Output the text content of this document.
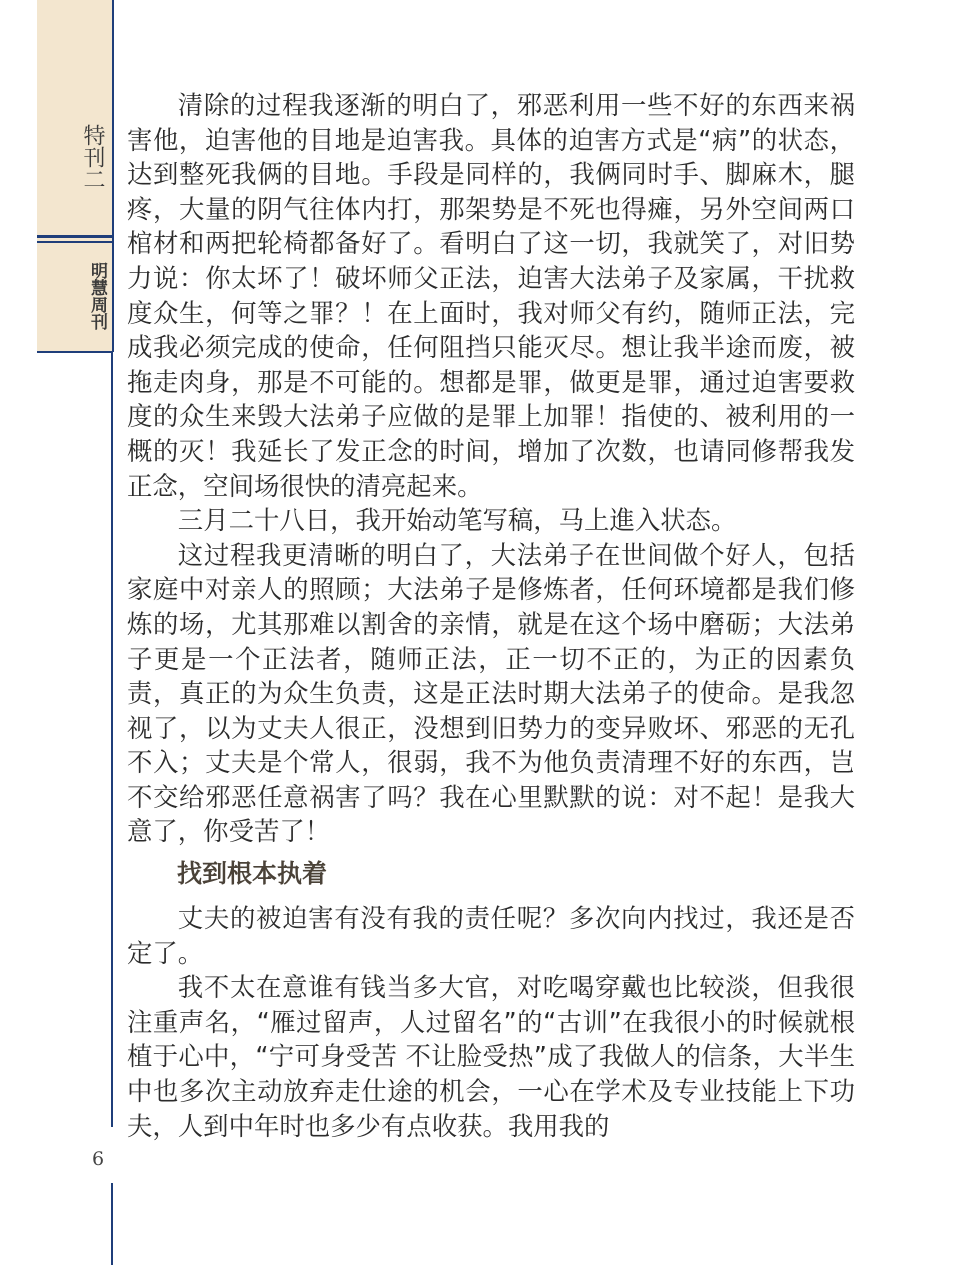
特刊二
明慧周刊
6

清除的过程我逐渐的明白了，邪恶利用一些不好的东西来祸害他，迫害他的目地是迫害我。具体的迫害方式是“病”的状态，达到整死我俩的目地。手段是同样的，我俩同时手、脚麻木，腿疼，大量的阴气往体内打，那架势是不死也得瘫，另外空间两口棺材和两把轮椅都备好了。看明白了这一切，我就笑了，对旧势力说：你太坏了！破坏师父正法，迫害大法弟子及家属，干扰救度众生，何等之罪？！在上面时，我对师父有约，随师正法，完成我必须完成的使命，任何阻挡只能灭尽。想让我半途而废，被拖走肉身，那是不可能的。想都是罪，做更是罪，通过迫害要救度的众生来毁大法弟子应做的是罪上加罪！指使的、被利用的一概的灭！我延长了发正念的时间，增加了次数，也请同修帮我发正念，空间场很快的清亮起来。

三月二十八日，我开始动笔写稿，马上進入状态。

这过程我更清晰的明白了，大法弟子在世间做个好人，包括家庭中对亲人的照顾；大法弟子是修炼者，任何环境都是我们修炼的场，尤其那难以割舍的亲情，就是在这个场中磨砺；大法弟子更是一个正法者，随师正法，正一切不正的，为正的因素负责，真正的为众生负责，这是正法时期大法弟子的使命。是我忽视了，以为丈夫人很正，没想到旧势力的变异败坏、邪恶的无孔不入；丈夫是个常人，很弱，我不为他负责清理不好的东西，岂不交给邪恶任意祸害了吗？我在心里默默的说：对不起！是我大意了，你受苦了！

找到根本执着

丈夫的被迫害有没有我的责任呢？多次向内找过，我还是否定了。

我不太在意谁有钱当多大官，对吃喝穿戴也比较淡，但我很注重声名，“雁过留声，人过留名”的“古训”在我很小的时候就根植于心中，“宁可身受苦 不让脸受热”成了我做人的信条，大半生中也多次主动放弃走仕途的机会，一心在学术及专业技能上下功夫，人到中年时也多少有点收获。我用我的
